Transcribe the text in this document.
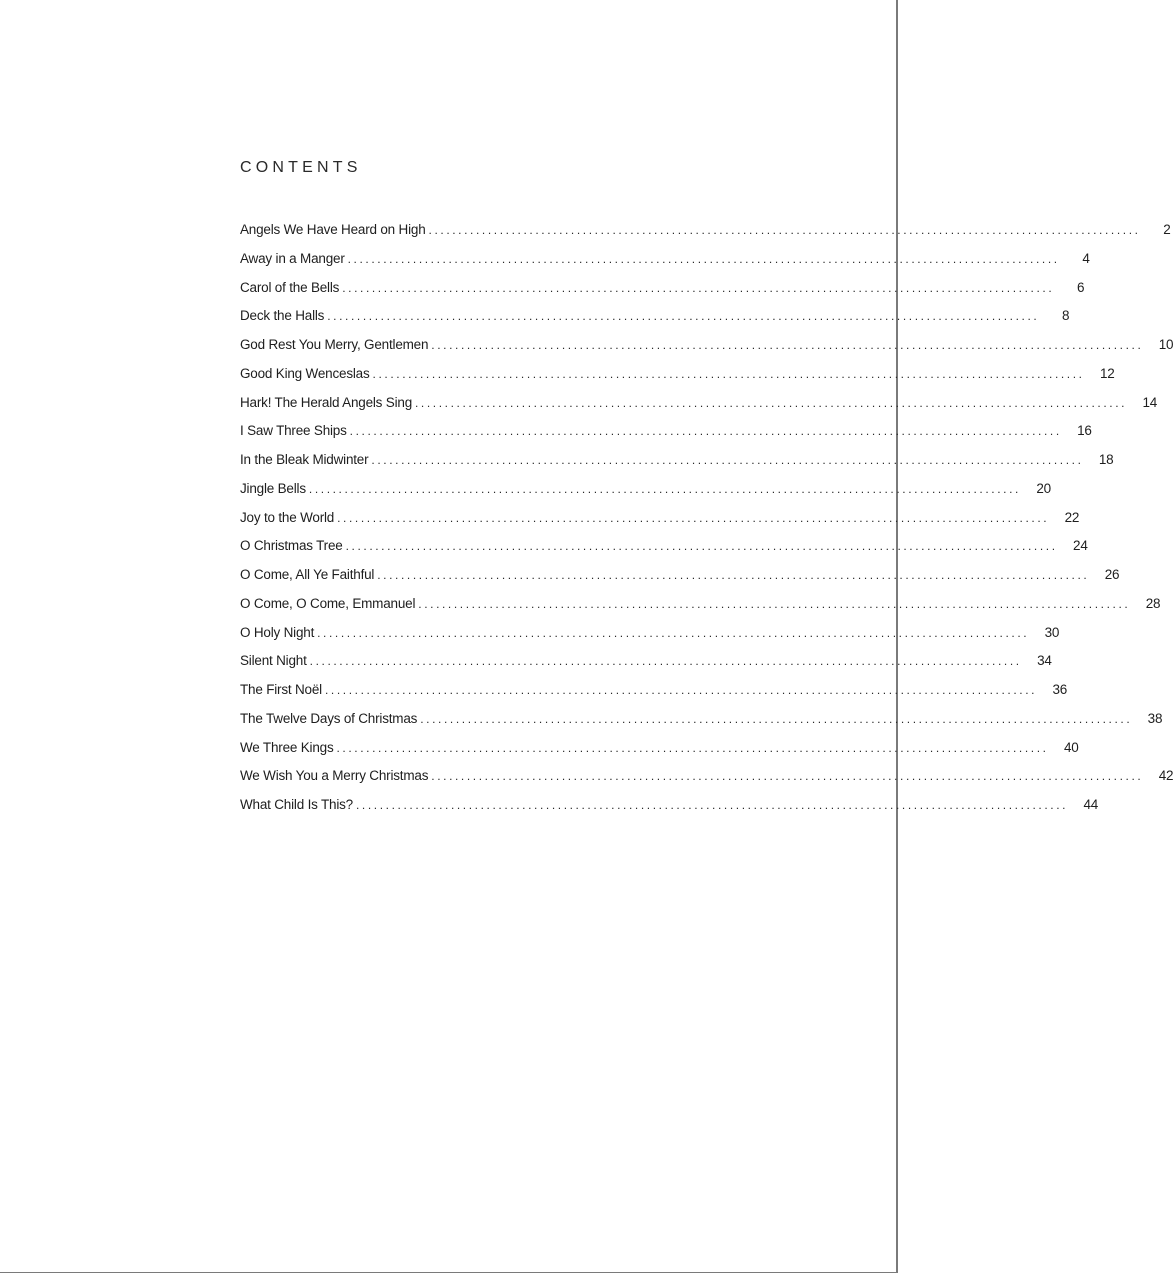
CONTENTS
Angels We Have Heard on High ........................................................................................................................	2
Away in a Manger ........................................................................................................................	4
Carol of the Bells ........................................................................................................................	6
Deck the Halls ........................................................................................................................	8
God Rest You Merry, Gentlemen ........................................................................................................................	10
Good King Wenceslas ........................................................................................................................	12
Hark! The Herald Angels Sing ........................................................................................................................	14
I Saw Three Ships ........................................................................................................................	16
In the Bleak Midwinter ........................................................................................................................	18
Jingle Bells ........................................................................................................................	20
Joy to the World ........................................................................................................................	22
O Christmas Tree ........................................................................................................................	24
O Come, All Ye Faithful ........................................................................................................................	26
O Come, O Come, Emmanuel ........................................................................................................................	28
O Holy Night ........................................................................................................................	30
Silent Night ........................................................................................................................	34
The First Noël ........................................................................................................................	36
The Twelve Days of Christmas ........................................................................................................................	38
We Three Kings ........................................................................................................................	40
We Wish You a Merry Christmas ........................................................................................................................	42
What Child Is This? ........................................................................................................................	44
